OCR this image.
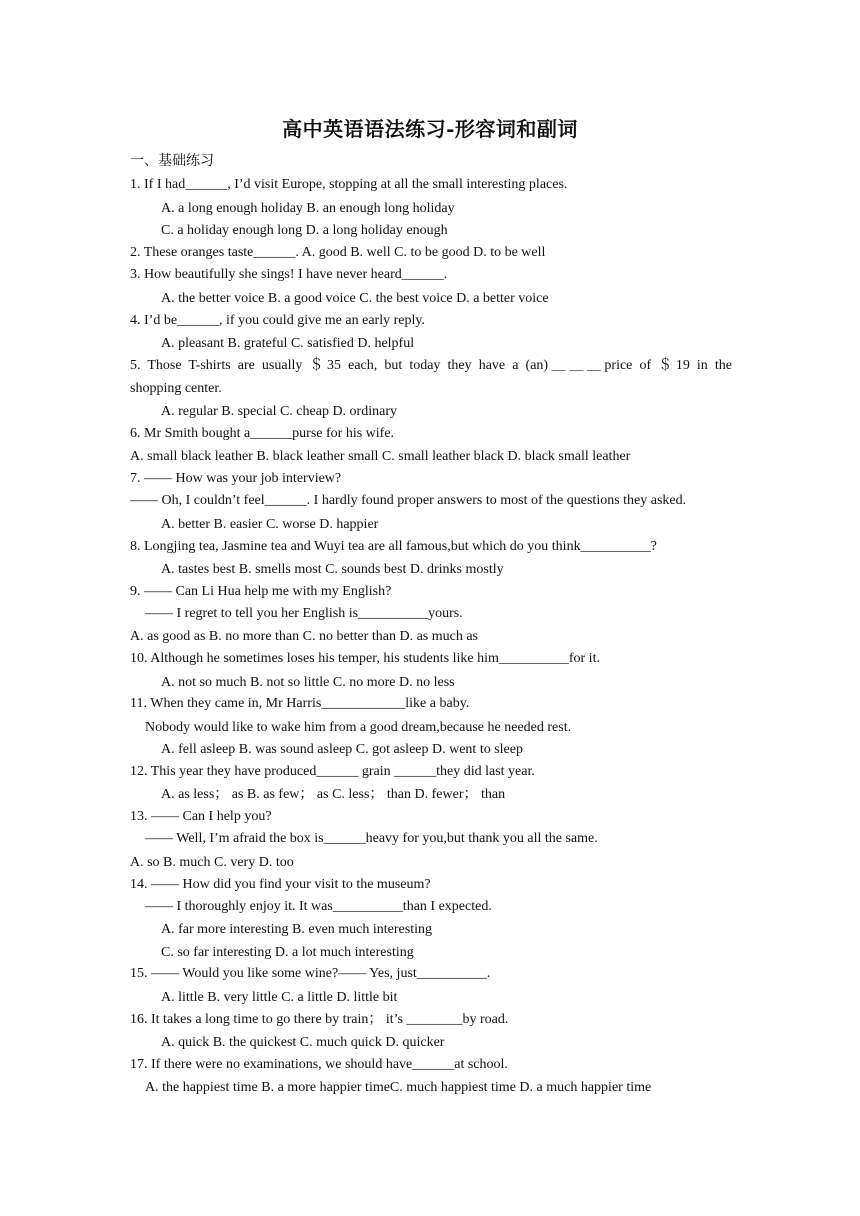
高中英语语法练习-形容词和副词
一、基础练习
1. If I had______, I’d visit Europe, stopping at all the small interesting places.
A. a long enough holiday B. an enough long holiday
C. a holiday enough long D. a long holiday enough
2. These oranges taste______. A. good B. well C. to be good D. to be well
3. How beautifully she sings! I have never heard______.
A. the better voice B. a good voice C. the best voice D. a better voice
4. I’d be______, if you could give me an early reply.
A. pleasant B. grateful C. satisfied D. helpful
5. Those T-shirts are usually ＄35 each, but today they have a (an)＿＿＿price of ＄19 in the
shopping center.
A. regular B. special C. cheap D. ordinary
6. Mr Smith bought a______purse for his wife.
A. small black leather B. black leather small C. small leather black D. black small leather
7. —— How was your job interview?
—— Oh, I couldn’t feel______. I hardly found proper answers to most of the questions they asked.
A. better B. easier C. worse D. happier
8. Longjing tea, Jasmine tea and Wuyi tea are all famous,but which do you think__________?
A. tastes best B. smells most C. sounds best D. drinks mostly
9. —— Can Li Hua help me with my English?
—— I regret to tell you her English is__________yours.
A. as good as B. no more than C. no better than D. as much as
10. Although he sometimes loses his temper, his students like him__________for it.
A. not so much B. not so little C. no more D. no less
11. When they came in, Mr Harris____________like a baby.
Nobody would like to wake him from a good dream,because he needed rest.
A. fell asleep B. was sound asleep C. got asleep D. went to sleep
12. This year they have produced______ grain ______they did last year.
A. as less； as B. as few； as C. less； than D. fewer； than
13. —— Can I help you?
—— Well, I’m afraid the box is______heavy for you,but thank you all the same.
A. so B. much C. very D. too
14. —— How did you find your visit to the museum?
—— I thoroughly enjoy it. It was__________than I expected.
A. far more interesting B. even much interesting
C. so far interesting D. a lot much interesting
15. —— Would you like some wine?—— Yes, just__________.
A. little B. very little C. a little D. little bit
16. It takes a long time to go there by train； it’s ________by road.
A. quick B. the quickest C. much quick D. quicker
17. If there were no examinations, we should have______at school.
A. the happiest time B. a more happier timeC. much happiest time D. a much happier time
